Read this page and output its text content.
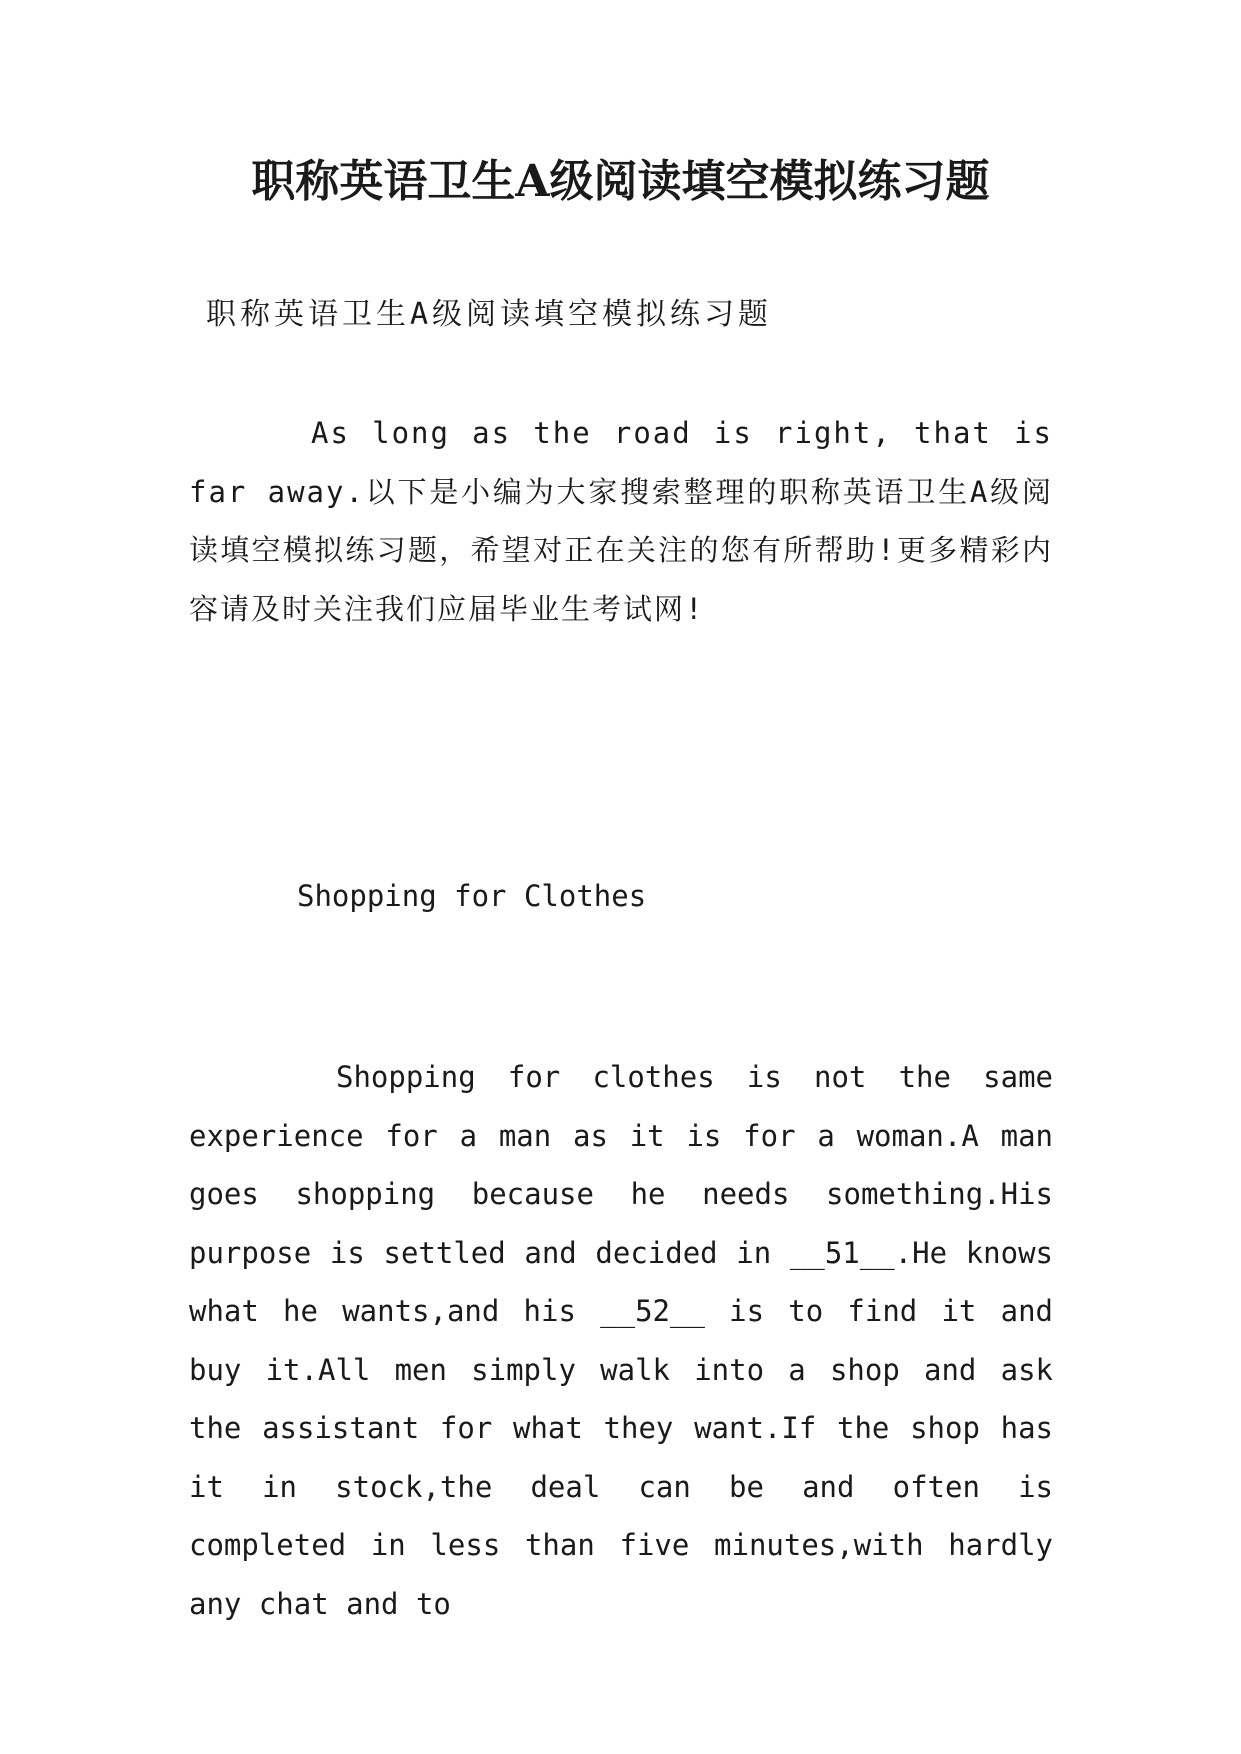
职称英语卫生A级阅读填空模拟练习题

职称英语卫生A级阅读填空模拟练习题

As long as the road is right, that is far away.以下是小编为大家搜索整理的职称英语卫生A级阅读填空模拟练习题，希望对正在关注的您有所帮助!更多精彩内容请及时关注我们应届毕业生考试网!

Shopping for Clothes

Shopping for clothes is not the same experience for a man as it is for a woman.A man goes shopping because he needs something.His purpose is settled and decided in __51__.He knows what he wants,and his __52__ is to find it and buy it.All men simply walk into a shop and ask the assistant for what they want.If the shop has it in stock,the deal can be and often is completed in less than five minutes,with hardly any chat and to
